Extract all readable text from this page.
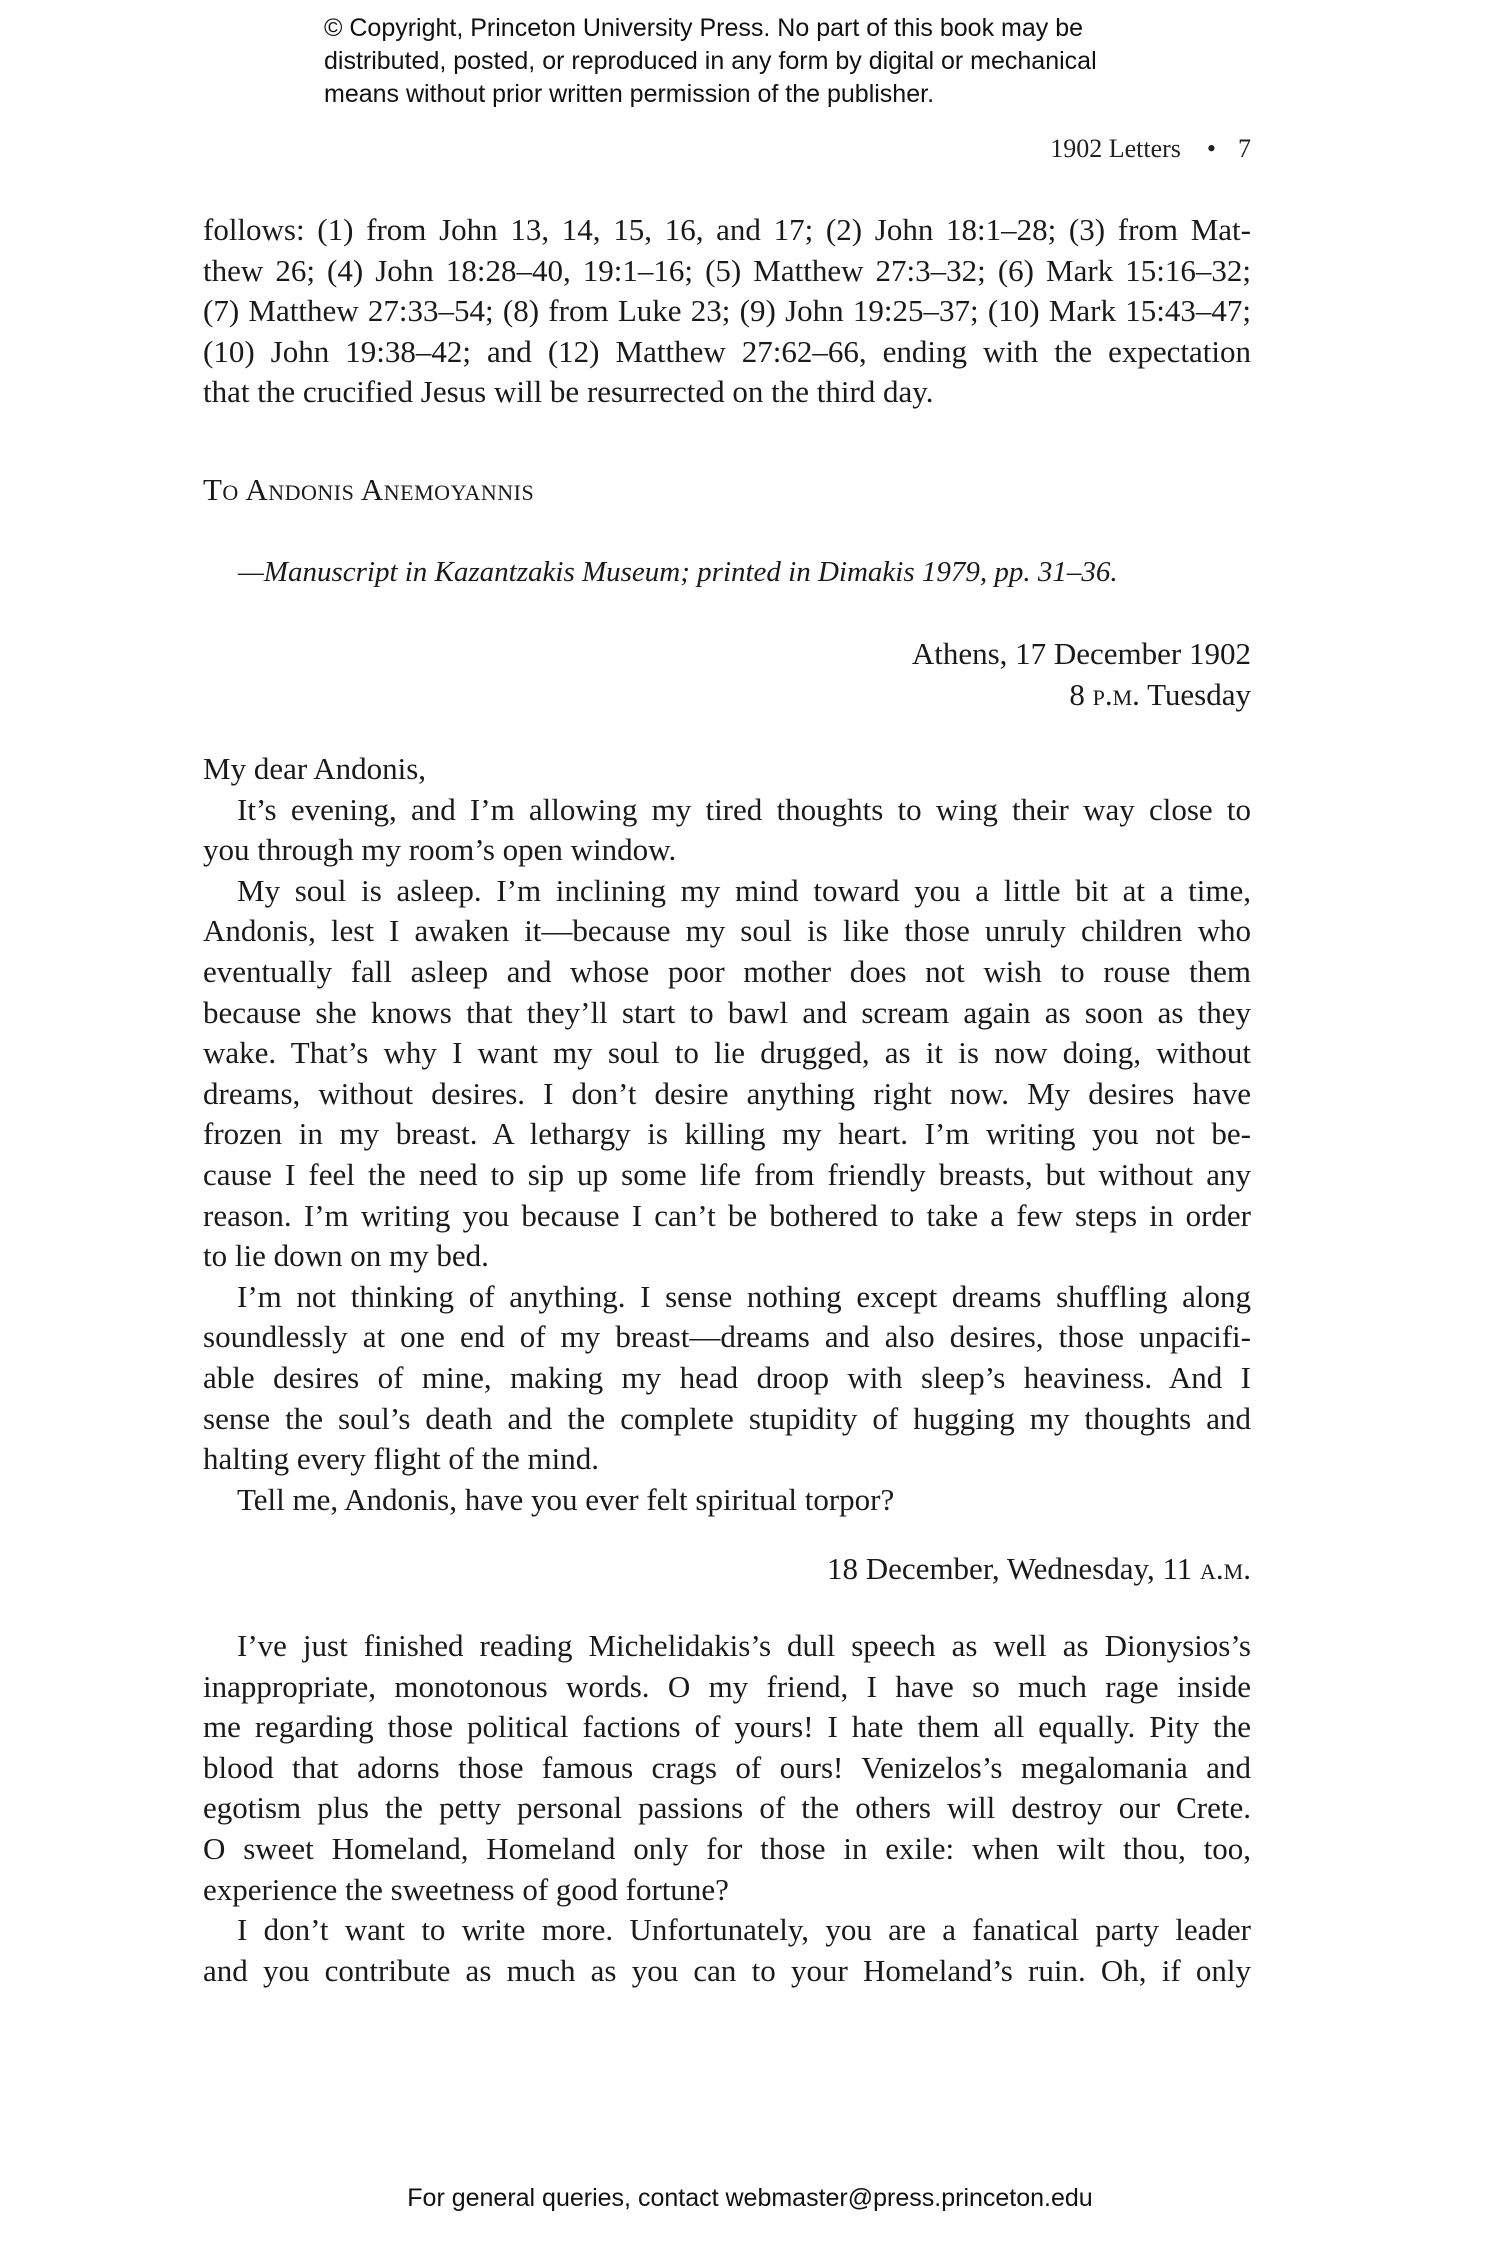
© Copyright, Princeton University Press. No part of this book may be
distributed, posted, or reproduced in any form by digital or mechanical
means without prior written permission of the publisher.
1902 Letters • 7
follows: (1) from John 13, 14, 15, 16, and 17; (2) John 18:1–28; (3) from Mat-
thew 26; (4) John 18:28–40, 19:1–16; (5) Matthew 27:3–32; (6) Mark 15:16–32;
(7) Matthew 27:33–54; (8) from Luke 23; (9) John 19:25–37; (10) Mark 15:43–47;
(10) John 19:38–42; and (12) Matthew 27:62–66, ending with the expectation
that the crucified Jesus will be resurrected on the third day.
To Andonis Anemoyannis
—Manuscript in Kazantzakis Museum; printed in Dimakis 1979, pp. 31–36.
Athens, 17 December 1902
8 p.m. Tuesday
My dear Andonis,
It’s evening, and I’m allowing my tired thoughts to wing their way close to
you through my room’s open window.
My soul is asleep. I’m inclining my mind toward you a little bit at a time,
Andonis, lest I awaken it—because my soul is like those unruly children who
eventually fall asleep and whose poor mother does not wish to rouse them
because she knows that they’ll start to bawl and scream again as soon as they
wake. That’s why I want my soul to lie drugged, as it is now doing, without
dreams, without desires. I don’t desire anything right now. My desires have
frozen in my breast. A lethargy is killing my heart. I’m writing you not be-
cause I feel the need to sip up some life from friendly breasts, but without any
reason. I’m writing you because I can’t be bothered to take a few steps in order
to lie down on my bed.
I’m not thinking of anything. I sense nothing except dreams shuffling along
soundlessly at one end of my breast—dreams and also desires, those unpacifi-
able desires of mine, making my head droop with sleep’s heaviness. And I
sense the soul’s death and the complete stupidity of hugging my thoughts and
halting every flight of the mind.
Tell me, Andonis, have you ever felt spiritual torpor?
18 December, Wednesday, 11 a.m.
I’ve just finished reading Michelidakis’s dull speech as well as Dionysios’s
inappropriate, monotonous words. O my friend, I have so much rage inside
me regarding those political factions of yours! I hate them all equally. Pity the
blood that adorns those famous crags of ours! Venizelos’s megalomania and
egotism plus the petty personal passions of the others will destroy our Crete.
O sweet Homeland, Homeland only for those in exile: when wilt thou, too,
experience the sweetness of good fortune?
I don’t want to write more. Unfortunately, you are a fanatical party leader
and you contribute as much as you can to your Homeland’s ruin. Oh, if only
For general queries, contact webmaster@press.princeton.edu
